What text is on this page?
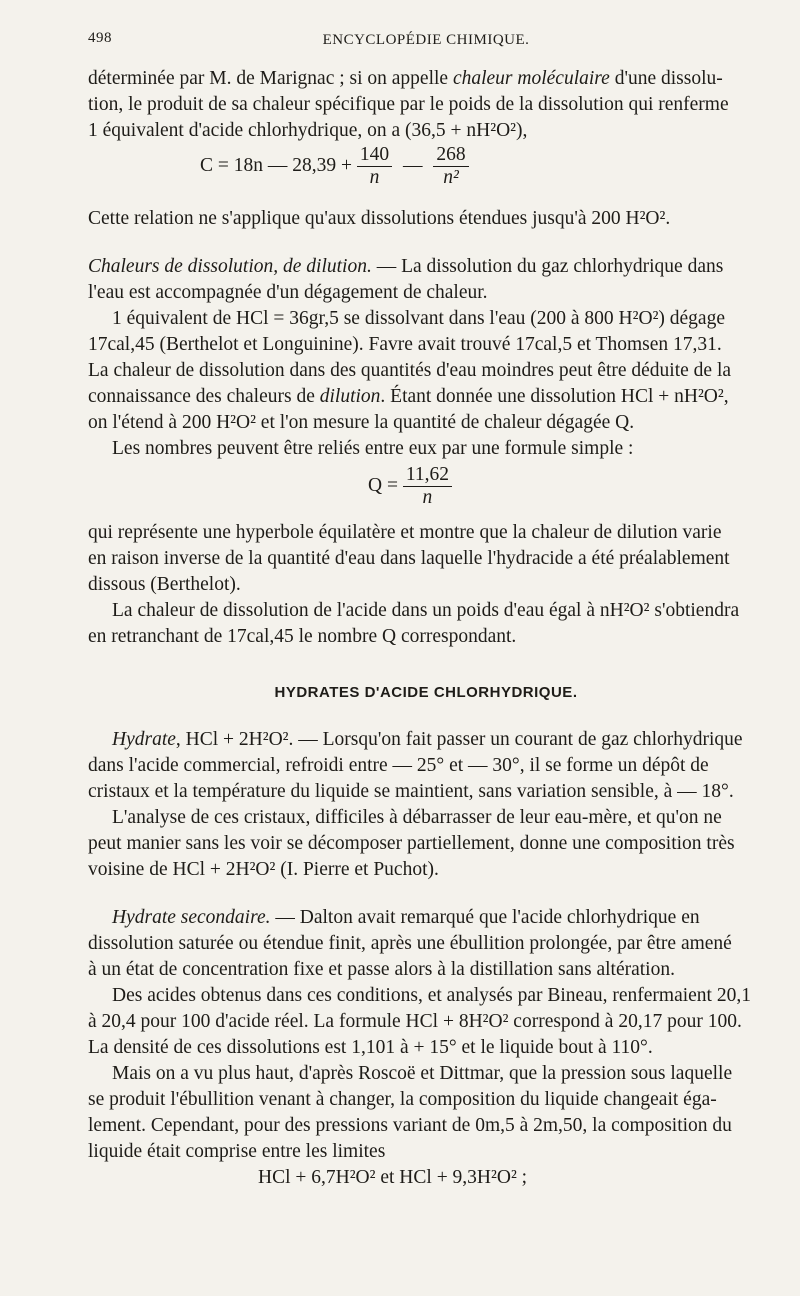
498	ENCYCLOPÉDIE CHIMIQUE.

déterminée par M. de Marignac ; si on appelle chaleur moléculaire d'une dissolu-

tion, le produit de sa chaleur spécifique par le poids de la dissolution qui renferme

1 équivalent d'acide chlorhydrique, on a (36,5 + nH²O²),

C = 18n — $28,39 + \frac{140}{n}$ — $\frac{268}{\text{n²}}$

Cette relation ne s'applique qu'aux dissolutions étendues jusqu'à 200 H²O².

Chaleurs de dissolution, de dilution. — La dissolution du gaz chlorhydrique dans

l'eau est accompagnée d'un dégagement de chaleur.

1 équivalent de HCl = 36gr,5 se dissolvant dans l'eau (200 à 800 H²O²) dégage

17cal,45 (Berthelot et Longuinine). Favre avait trouvé 17cal,5 et Thomsen 17,31.

La chaleur de dissolution dans des quantités d'eau moindres peut être déduite de la

connaissance des chaleurs de dilution. Étant donnée une dissolution HCl + nH²O²,

on l'étend à 200 H²O² et l'on mesure la quantité de chaleur dégagée Q.

Les nombres peuvent être reliés entre eux par une formule simple :

$Q = \frac{11,62}{n}$

qui représente une hyperbole équilatère et montre que la chaleur de dilution varie

en raison inverse de la quantité d'eau dans laquelle l'hydracide a été préalablement

dissous (Berthelot).

La chaleur de dissolution de l'acide dans un poids d'eau égal à nH²O² s'obtiendra

en retranchant de 17cal,45 le nombre Q correspondant.

HYDRATES D'ACIDE CHLORHYDRIQUE.

Hydrate, HCl + 2H²O². — Lorsqu'on fait passer un courant de gaz chlorhydrique

dans l'acide commercial, refroidi entre — 25° et — 30°, il se forme un dépôt de

cristaux et la température du liquide se maintient, sans variation sensible, à — 18°.

L'analyse de ces cristaux, difficiles à débarrasser de leur eau-mère, et qu'on ne

peut manier sans les voir se décomposer partiellement, donne une composition très

voisine de HCl + 2H²O² (I. Pierre et Puchot).

Hydrate secondaire. — Dalton avait remarqué que l'acide chlorhydrique en

dissolution saturée ou étendue finit, après une ébullition prolongée, par être amené

à un état de concentration fixe et passe alors à la distillation sans altération.

Des acides obtenus dans ces conditions, et analysés par Bineau, renfermaient 20,1

à 20,4 pour 100 d'acide réel. La formule HCl + 8H²O² correspond à 20,17 pour 100.

La densité de ces dissolutions est 1,101 à + 15° et le liquide bout à 110°.

Mais on a vu plus haut, d'après Roscoë et Dittmar, que la pression sous laquelle

se produit l'ébullition venant à changer, la composition du liquide changeait éga-

lement. Cependant, pour des pressions variant de 0m,5 à 2m,50, la composition du

liquide était comprise entre les limites

HCl + 6,7H²O² et HCl + 9,3H²O² ;
